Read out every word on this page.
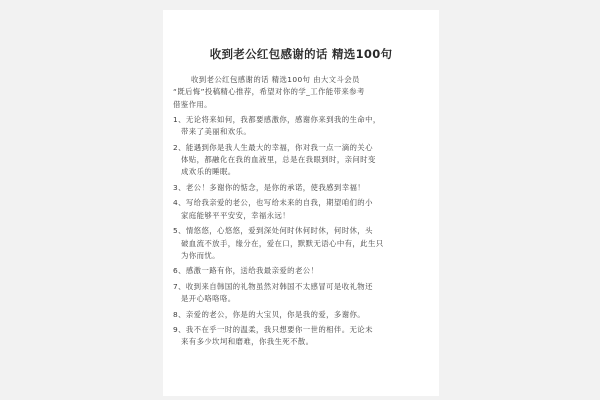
收到老公红包感谢的话 精选100句
收到老公红包感谢的话 精选100句 由大文斗会员
“既后悔”投稿精心推荐，希望对你的学_工作能带来参考
借鉴作用。
1、无论将来如何，我都要感激你，感谢你来到我的生命中，
带来了美丽和欢乐。
2、能遇到你是我人生最大的幸福，你对我一点一滴的关心
体贴，都融化在我的血液里，总是在我眼到时，亲问时变
成欢乐的睡眠。
3、老公！多谢你的惦念，是你的承诺，使我感到幸福！
4、写给我亲爱的老公，也写给未来的自我，期望咱们的小
家庭能够平平安安，幸福永远！
5、情悠悠，心悠悠，爱到深处何时休何时休，何时休，头
破血流不放手，缘分在，爱在口，默默无语心中有，此生只
为你而忧。
6、感激一路有你，送给我最亲爱的老公！
7、收到来自韩国的礼物虽然对韩国不太感冒可是收礼物还
是开心咯咯咯。
8、亲爱的老公，你是的大宝贝，你是我的爱，多谢你。
9、我不在乎一时的温柔，我只想要你一世的相伴。无论未
来有多少坎坷和磨难，你我生死不散。
